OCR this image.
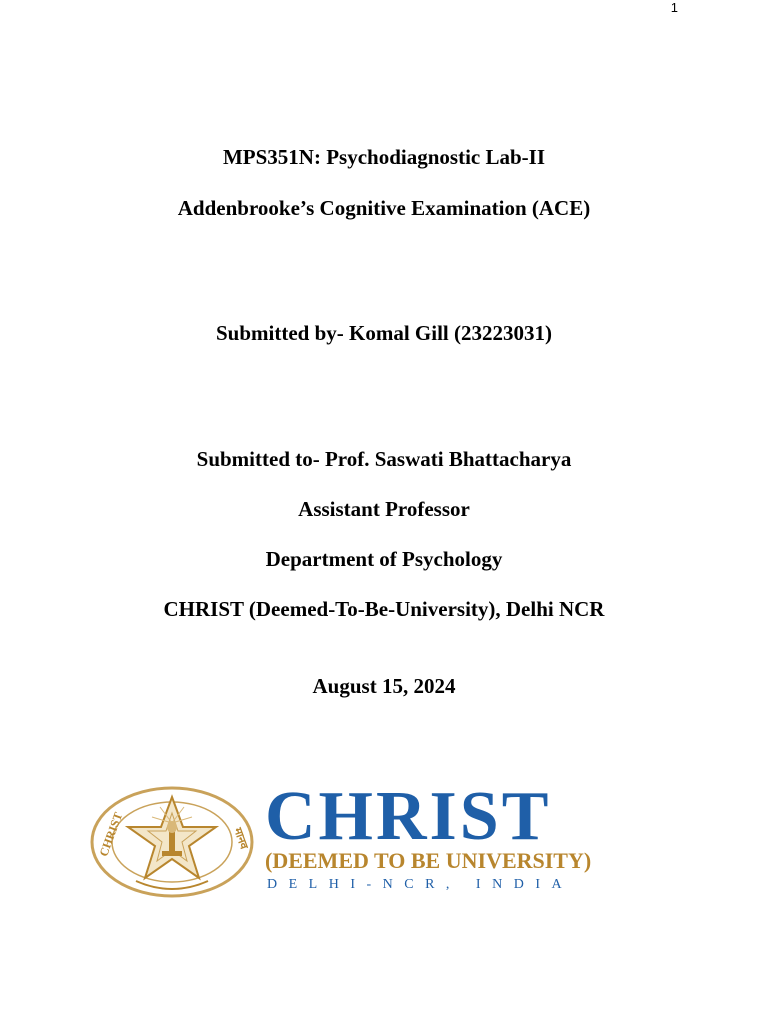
1
MPS351N: Psychodiagnostic Lab-II
Addenbrooke’s Cognitive Examination (ACE)
Submitted by- Komal Gill (23223031)
Submitted to- Prof. Saswati Bhattacharya
Assistant Professor
Department of Psychology
CHRIST (Deemed-To-Be-University), Delhi NCR
August 15, 2024
CHRIST	मानव CHRIST
(DEEMED TO BE UNIVERSITY)
DELHI-NCR, INDIA
